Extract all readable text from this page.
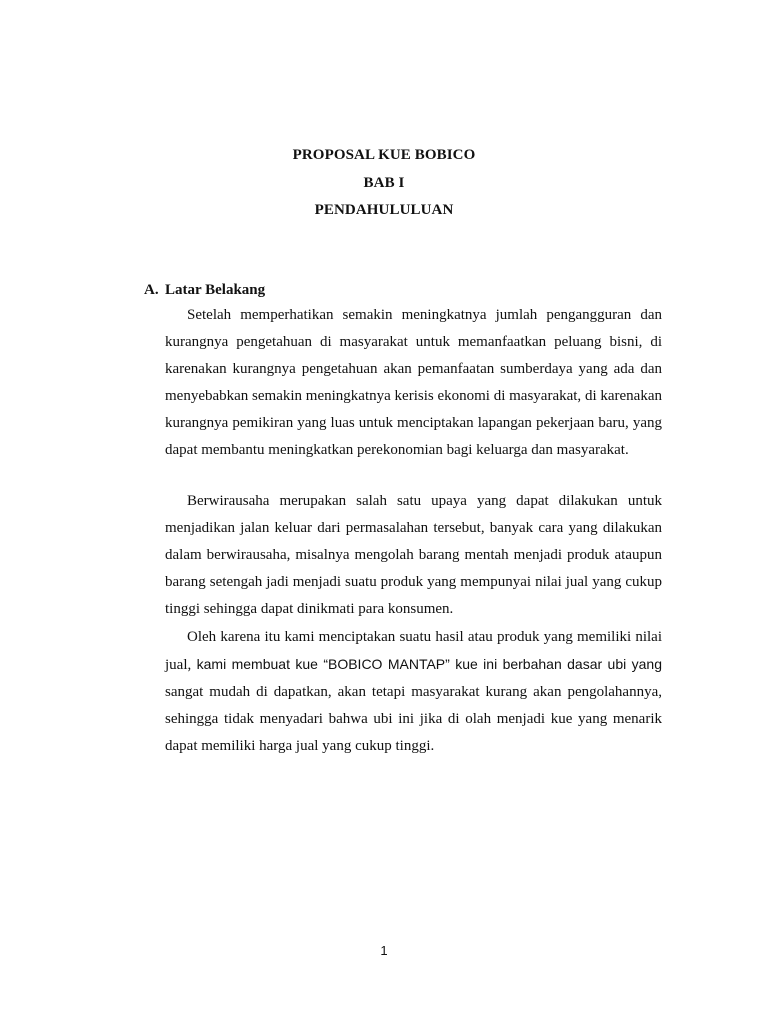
PROPOSAL KUE BOBICO
BAB I
PENDAHULULUAN
A. Latar Belakang

Setelah memperhatikan semakin meningkatnya jumlah pengangguran dan kurangnya pengetahuan di masyarakat untuk memanfaatkan peluang bisni, di karenakan kurangnya pengetahuan akan pemanfaatan sumberdaya yang ada dan menyebabkan semakin meningkatnya kerisis ekonomi di masyarakat, di karenakan kurangnya pemikiran yang luas untuk menciptakan lapangan pekerjaan baru, yang dapat membantu meningkatkan perekonomian bagi keluarga dan masyarakat.

Berwirausaha merupakan salah satu upaya yang dapat dilakukan untuk menjadikan jalan keluar dari permasalahan tersebut, banyak cara yang dilakukan dalam berwirausaha, misalnya mengolah barang mentah menjadi produk ataupun barang setengah jadi menjadi suatu produk yang mempunyai nilai jual yang cukup tinggi sehingga dapat dinikmati para konsumen.

Oleh karena itu kami menciptakan suatu hasil atau produk yang memiliki nilai jual, kami membuat kue “BOBICO MANTAP” kue ini berbahan dasar ubi yang sangat mudah di dapatkan, akan tetapi masyarakat kurang akan pengolahannya, sehingga tidak menyadari bahwa ubi ini jika di olah menjadi kue yang menarik dapat memiliki harga jual yang cukup tinggi.

1
